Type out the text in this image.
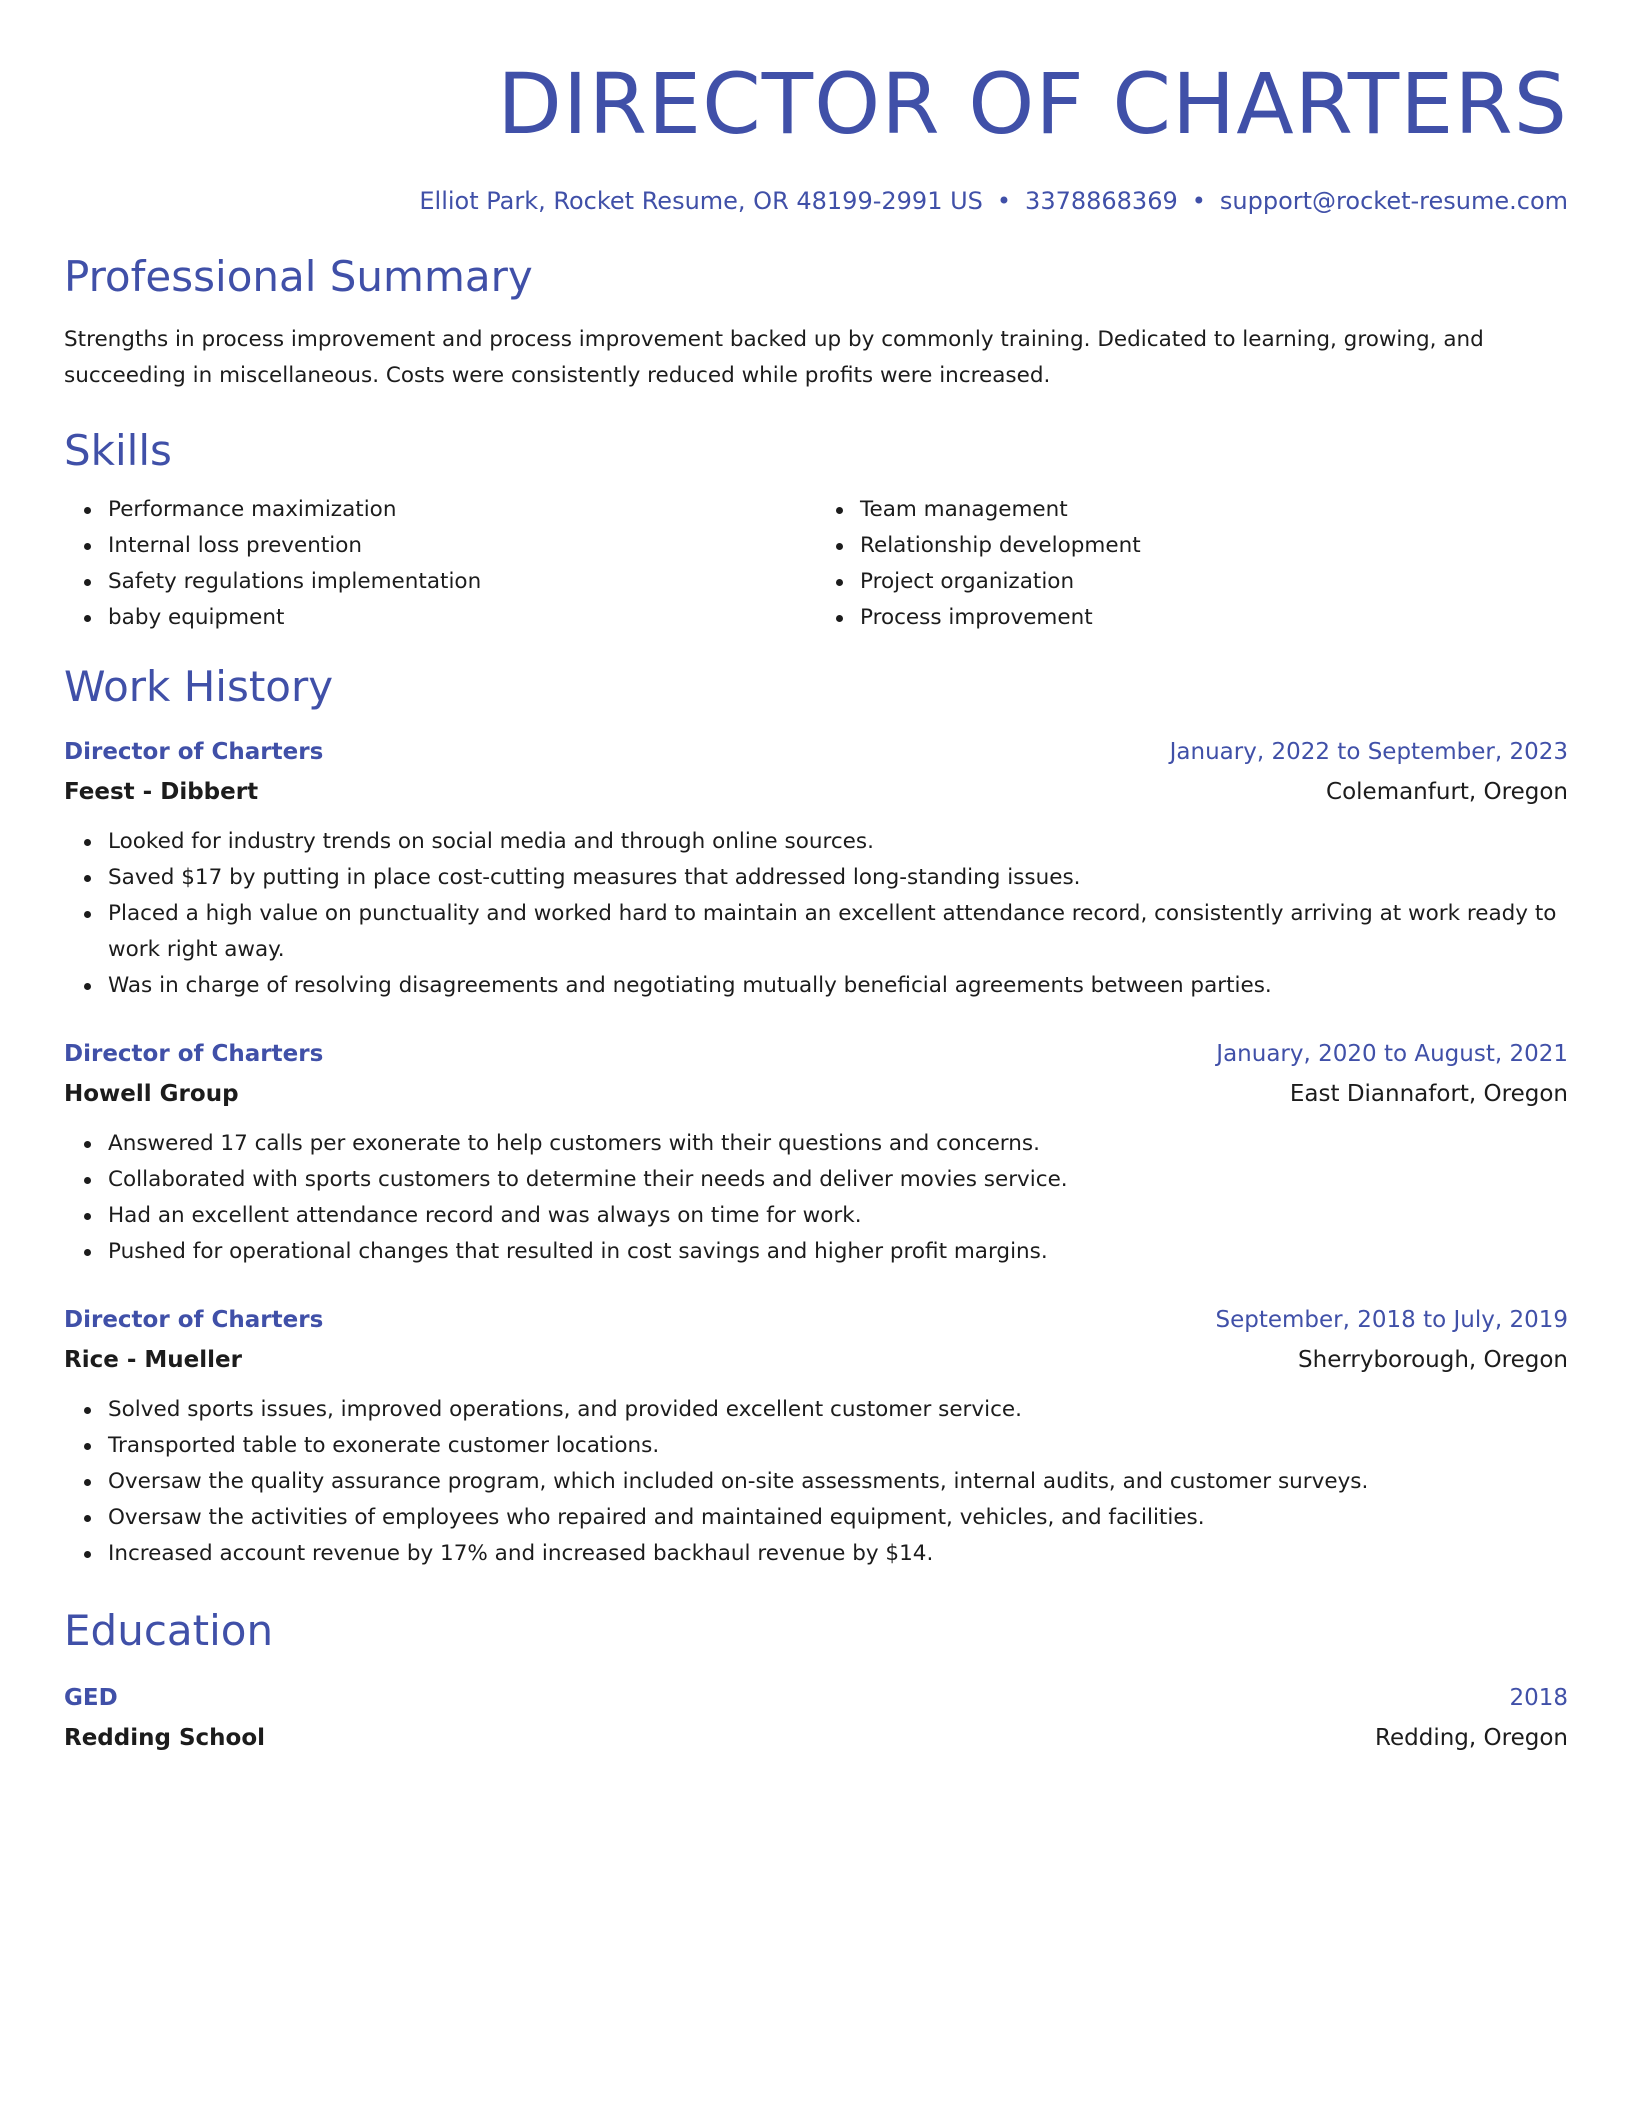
DIRECTOR OF CHARTERS
Elliot Park, Rocket Resume, OR 48199-2991 US • 3378868369 • support@rocket-resume.com
Professional Summary

Strengths in process improvement and process improvement backed up by commonly training. Dedicated to learning, growing, and succeeding in miscellaneous. Costs were consistently reduced while profits were increased.

Skills
Performance maximization
Internal loss prevention
Safety regulations implementation
baby equipment
Team management
Relationship development
Project organization
Process improvement
Work History
Director of Charters	January, 2022 to September, 2023
Feest - Dibbert	Colemanfurt, Oregon
Looked for industry trends on social media and through online sources.
Saved $17 by putting in place cost-cutting measures that addressed long-standing issues.
Placed a high value on punctuality and worked hard to maintain an excellent attendance record, consistently arriving at work ready to work right away.
Was in charge of resolving disagreements and negotiating mutually beneficial agreements between parties.
Director of Charters	January, 2020 to August, 2021
Howell Group	East Diannafort, Oregon
Answered 17 calls per exonerate to help customers with their questions and concerns.
Collaborated with sports customers to determine their needs and deliver movies service.
Had an excellent attendance record and was always on time for work.
Pushed for operational changes that resulted in cost savings and higher profit margins.
Director of Charters	September, 2018 to July, 2019
Rice - Mueller	Sherryborough, Oregon
Solved sports issues, improved operations, and provided excellent customer service.
Transported table to exonerate customer locations.
Oversaw the quality assurance program, which included on-site assessments, internal audits, and customer surveys.
Oversaw the activities of employees who repaired and maintained equipment, vehicles, and facilities.
Increased account revenue by 17% and increased backhaul revenue by $14.
Education
GED	2018
Redding School	Redding, Oregon
